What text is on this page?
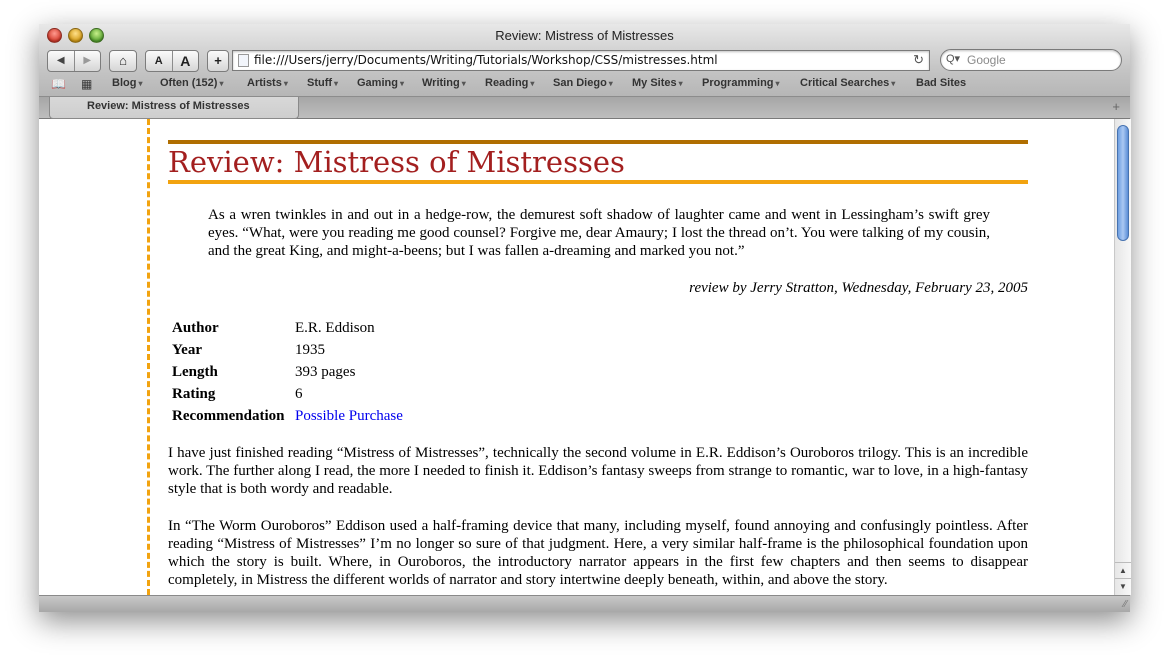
Review: Mistress of Mistresses
◀	▶	⌂	A	A	+	file:///Users/jerry/Documents/Writing/Tutorials/Workshop/CSS/mistresses.html	↻ Q▾ Google
📖 ▦ Blog ▾ Often (152) ▾ Artists ▾ Stuff ▾ Gaming ▾ Writing ▾ Reading ▾ San Diego ▾ My Sites ▾ Programming ▾ Critical Searches ▾ Bad Sites
Review: Mistress of Mistresses	+
Review: Mistress of Mistresses

As a wren twinkles in and out in a hedge-row, the demurest soft shadow of laughter came and went in Lessingham’s swift grey eyes. “What, were you reading me good counsel? Forgive me, dear Amaury; I lost the thread on’t. You were talking of my cousin, and the great King, and might-a-beens; but I was fallen a-dreaming and marked you not.”

review by Jerry Stratton, Wednesday, February 23, 2005
Author	E.R. Eddison
Year	1935
Length	393 pages
Rating	6
Recommendation	Possible Purchase

I have just finished reading “Mistress of Mistresses”, technically the second volume in E.R. Eddison’s Ouroboros trilogy. This is an incredible work. The further along I read, the more I needed to finish it. Eddison’s fantasy sweeps from strange to romantic, war to love, in a high-fantasy style that is both wordy and readable.

In “The Worm Ouroboros” Eddison used a half-framing device that many, including myself, found annoying and confusingly pointless. After reading “Mistress of Mistresses” I’m no longer so sure of that judgment. Here, a very similar half-frame is the philosophical foundation upon which the story is built. Where, in Ouroboros, the introductory narrator appears in the first few chapters and then seems to disappear completely, in Mistress the different worlds of narrator and story intertwine deeply beneath, within, and above the story.

▲
▼
⁄⁄
